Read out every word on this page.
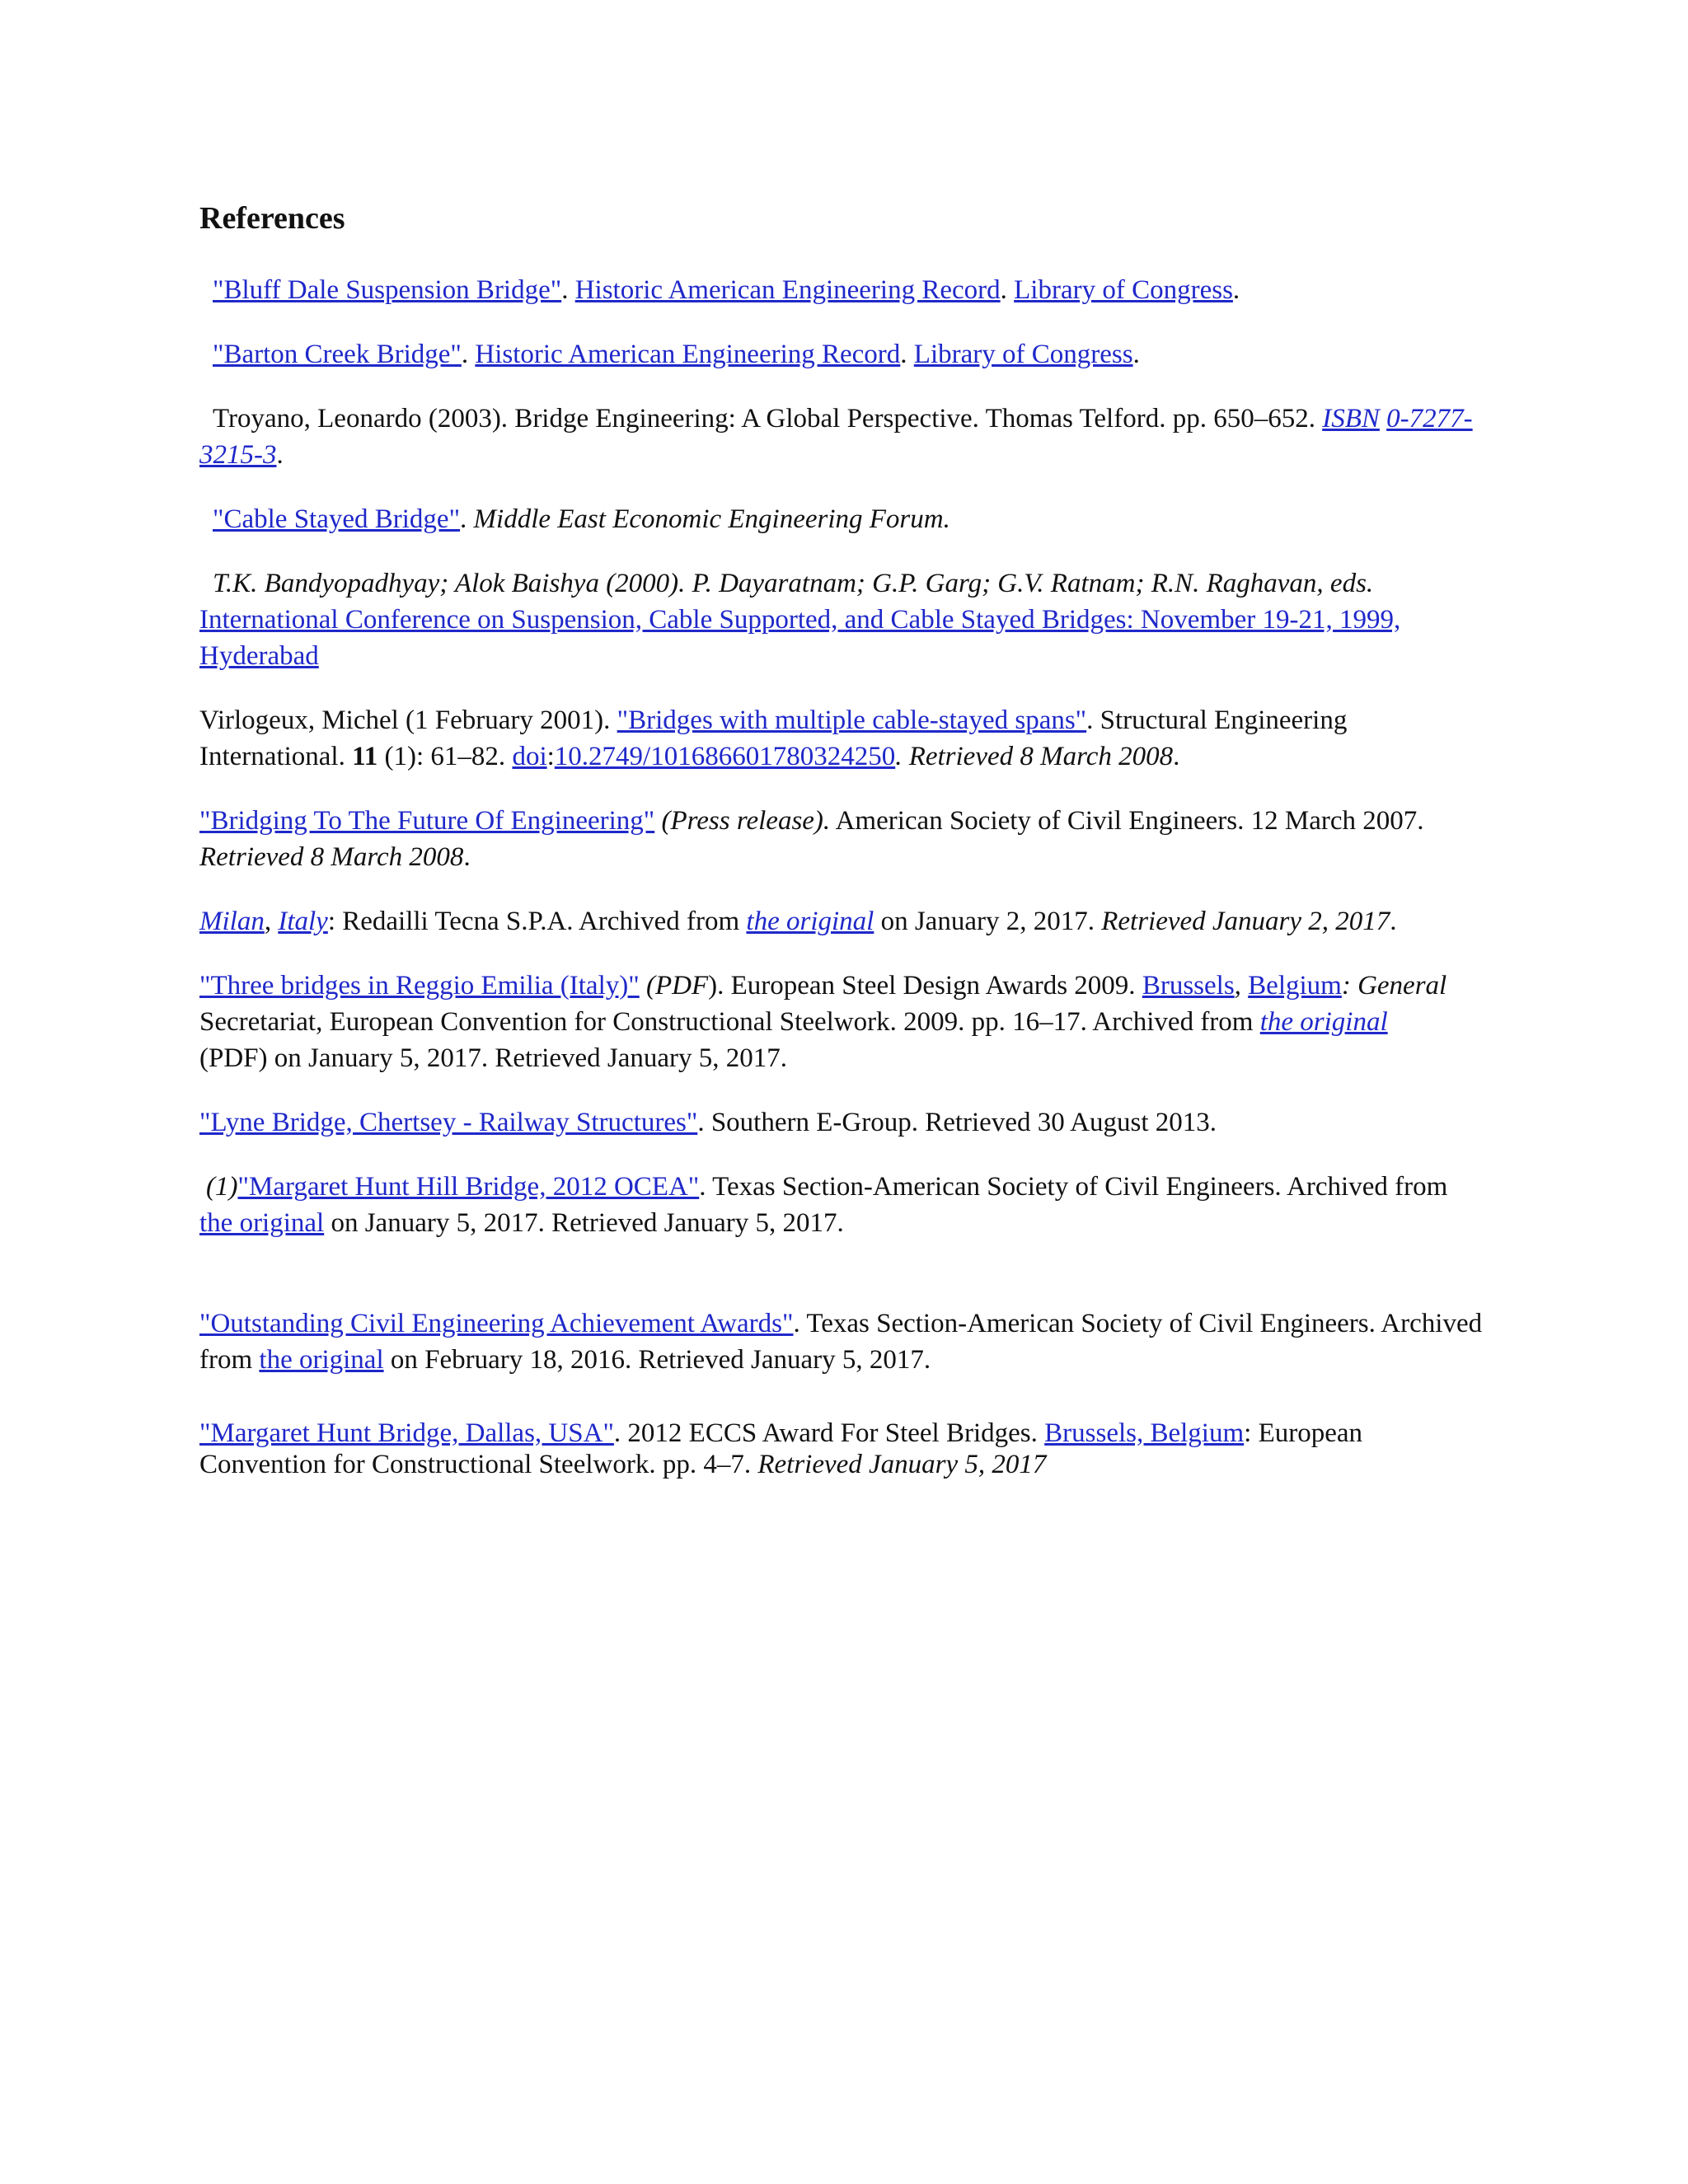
References

"Bluff Dale Suspension Bridge". Historic American Engineering Record. Library of Congress.

"Barton Creek Bridge". Historic American Engineering Record. Library of Congress.

Troyano, Leonardo (2003). Bridge Engineering: A Global Perspective. Thomas Telford. pp. 650–652. ISBN 0-7277-3215-3.

"Cable Stayed Bridge". Middle East Economic Engineering Forum.

T.K. Bandyopadhyay; Alok Baishya (2000). P. Dayaratnam; G.P. Garg; G.V. Ratnam; R.N. Raghavan, eds.
International Conference on Suspension, Cable Supported, and Cable Stayed Bridges: November 19-21, 1999, Hyderabad

Virlogeux, Michel (1 February 2001). "Bridges with multiple cable-stayed spans". Structural Engineering International. 11 (1): 61–82. doi:10.2749/101686601780324250. Retrieved 8 March 2008.

"Bridging To The Future Of Engineering" (Press release). American Society of Civil Engineers. 12 March 2007.
Retrieved 8 March 2008.

Milan, Italy: Redailli Tecna S.P.A. Archived from the original on January 2, 2017. Retrieved January 2, 2017.

"Three bridges in Reggio Emilia (Italy)" (PDF). European Steel Design Awards 2009. Brussels, Belgium: General
Secretariat, European Convention for Constructional Steelwork. 2009. pp. 16–17. Archived from the original
(PDF) on January 5, 2017. Retrieved January 5, 2017.

"Lyne Bridge, Chertsey - Railway Structures". Southern E-Group. Retrieved 30 August 2013.

(1)"Margaret Hunt Hill Bridge, 2012 OCEA". Texas Section-American Society of Civil Engineers. Archived from
the original on January 5, 2017. Retrieved January 5, 2017.

"Outstanding Civil Engineering Achievement Awards". Texas Section-American Society of Civil Engineers. Archived from the original on February 18, 2016. Retrieved January 5, 2017.

"Margaret Hunt Bridge, Dallas, USA". 2012 ECCS Award For Steel Bridges. Brussels, Belgium: European Convention for Constructional Steelwork. pp. 4–7. Retrieved January 5, 2017
